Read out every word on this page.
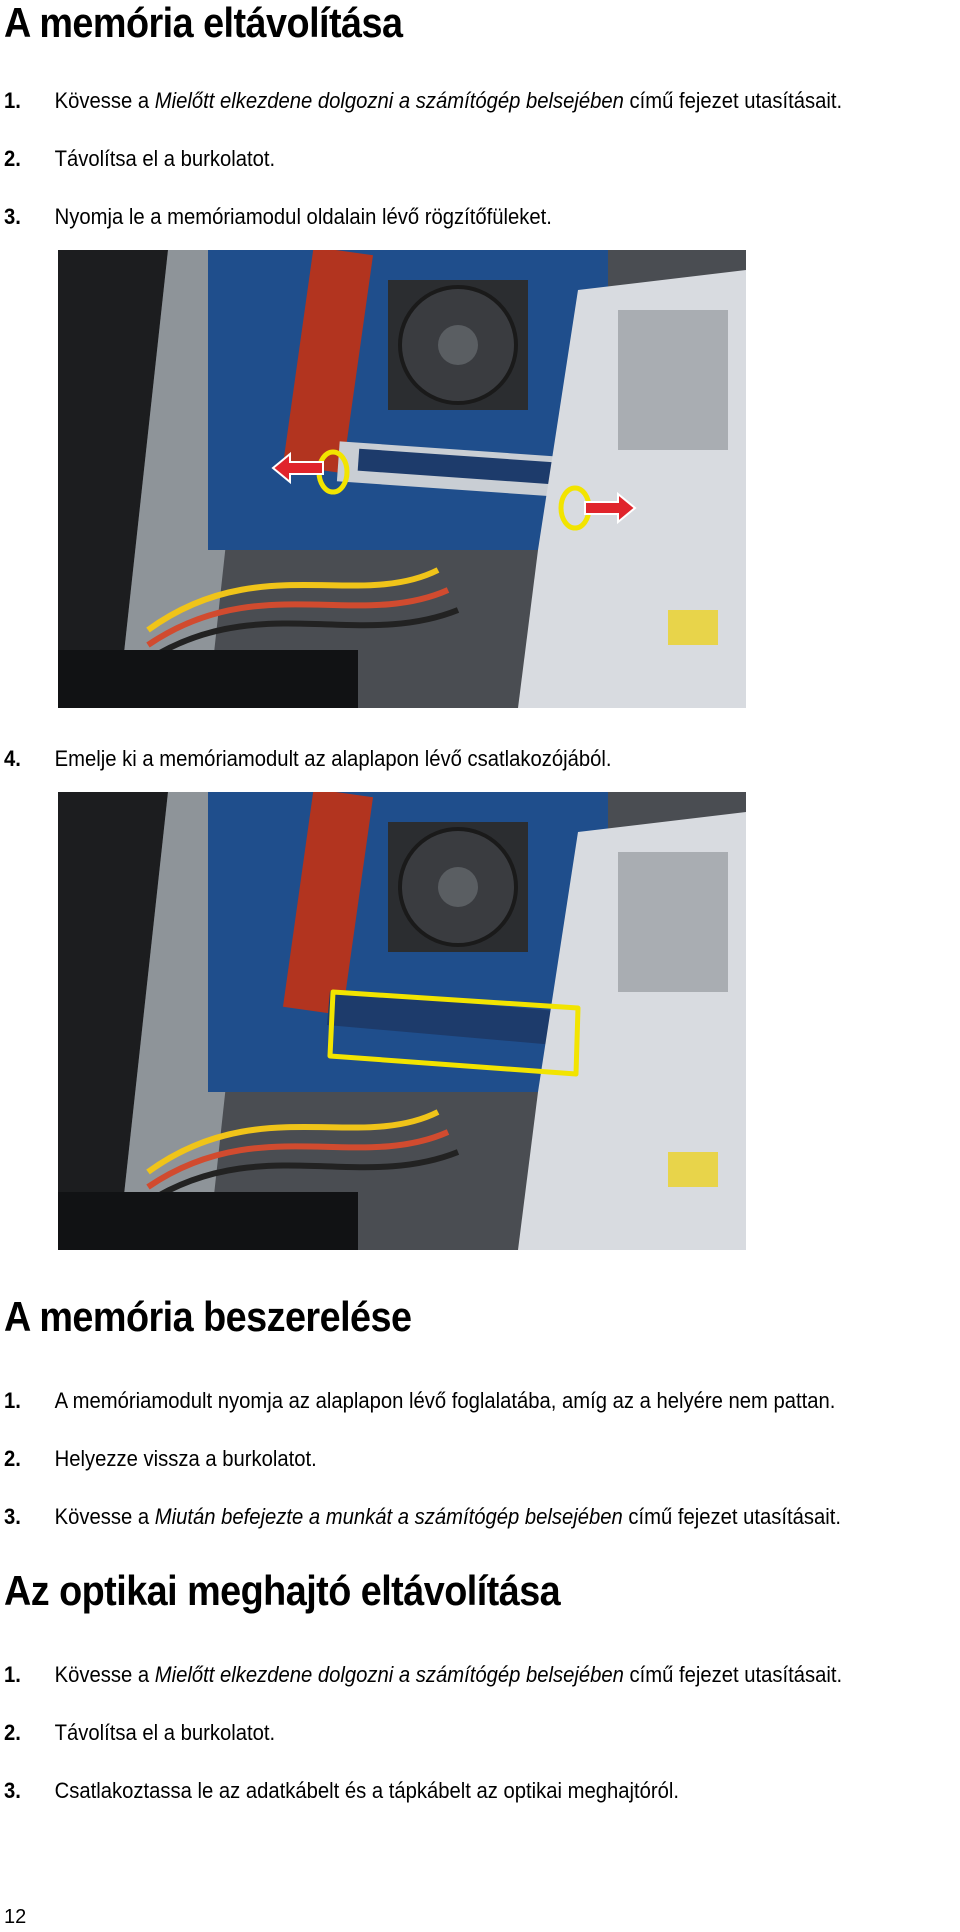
A memória eltávolítása
1.	Kövesse a Mielőtt elkezdene dolgozni a számítógép belsejében című fejezet utasításait.
2.	Távolítsa el a burkolatot.
3.	Nyomja le a memóriamodul oldalain lévő rögzítőfüleket.
4.	Emelje ki a memóriamodult az alaplapon lévő csatlakozójából.
A memória beszerelése
1.	A memóriamodult nyomja az alaplapon lévő foglalatába, amíg az a helyére nem pattan.
2.	Helyezze vissza a burkolatot.
3.	Kövesse a Miután befejezte a munkát a számítógép belsejében című fejezet utasításait.
Az optikai meghajtó eltávolítása
1.	Kövesse a Mielőtt elkezdene dolgozni a számítógép belsejében című fejezet utasításait.
2.	Távolítsa el a burkolatot.
3.	Csatlakoztassa le az adatkábelt és a tápkábelt az optikai meghajtóról.
12
